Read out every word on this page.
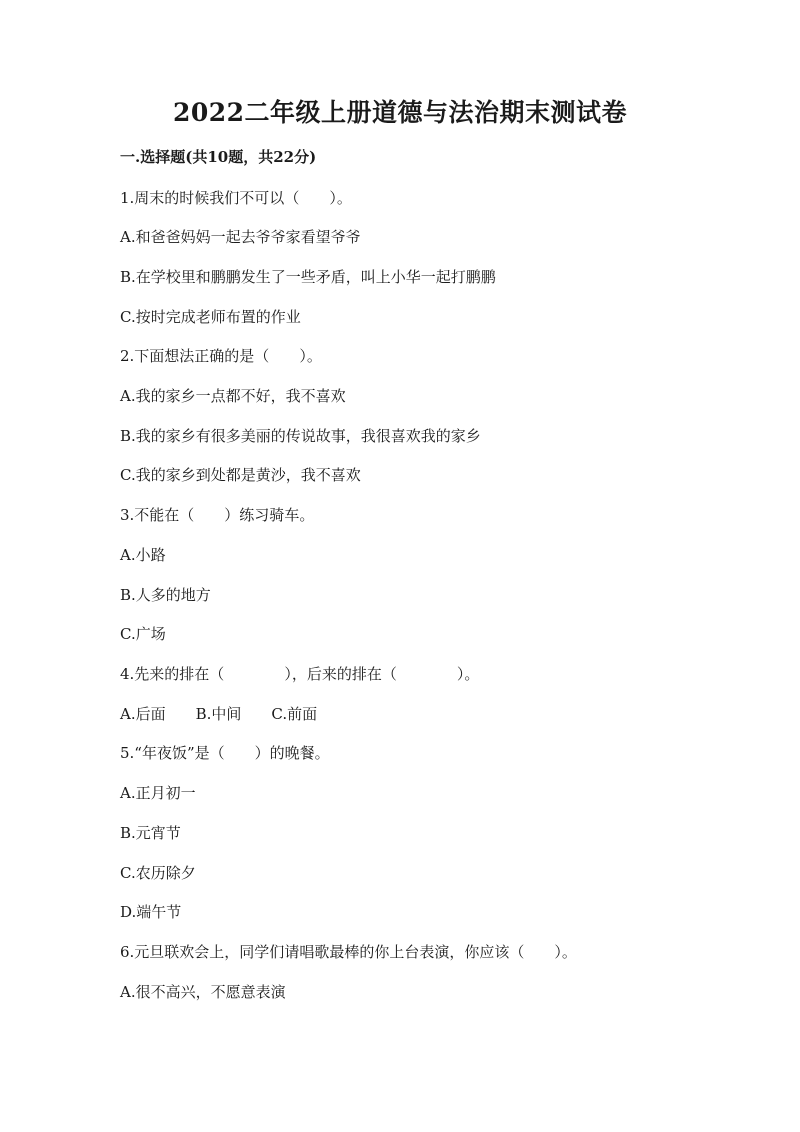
2022二年级上册道德与法治期末测试卷

一.选择题(共10题，共22分)

1.周末的时候我们不可以（　　）。

A.和爸爸妈妈一起去爷爷家看望爷爷

B.在学校里和鹏鹏发生了一些矛盾，叫上小华一起打鹏鹏

C.按时完成老师布置的作业

2.下面想法正确的是（　　）。

A.我的家乡一点都不好，我不喜欢

B.我的家乡有很多美丽的传说故事，我很喜欢我的家乡

C.我的家乡到处都是黄沙，我不喜欢

3.不能在（　　）练习骑车。

A.小路

B.人多的地方

C.广场

4.先来的排在（　　　　），后来的排在（　　　　）。

A.后面　　B.中间　　C.前面

5.“年夜饭”是（　　）的晚餐。

A.正月初一

B.元宵节

C.农历除夕

D.端午节

6.元旦联欢会上，同学们请唱歌最棒的你上台表演，你应该（　　）。

A.很不高兴，不愿意表演
